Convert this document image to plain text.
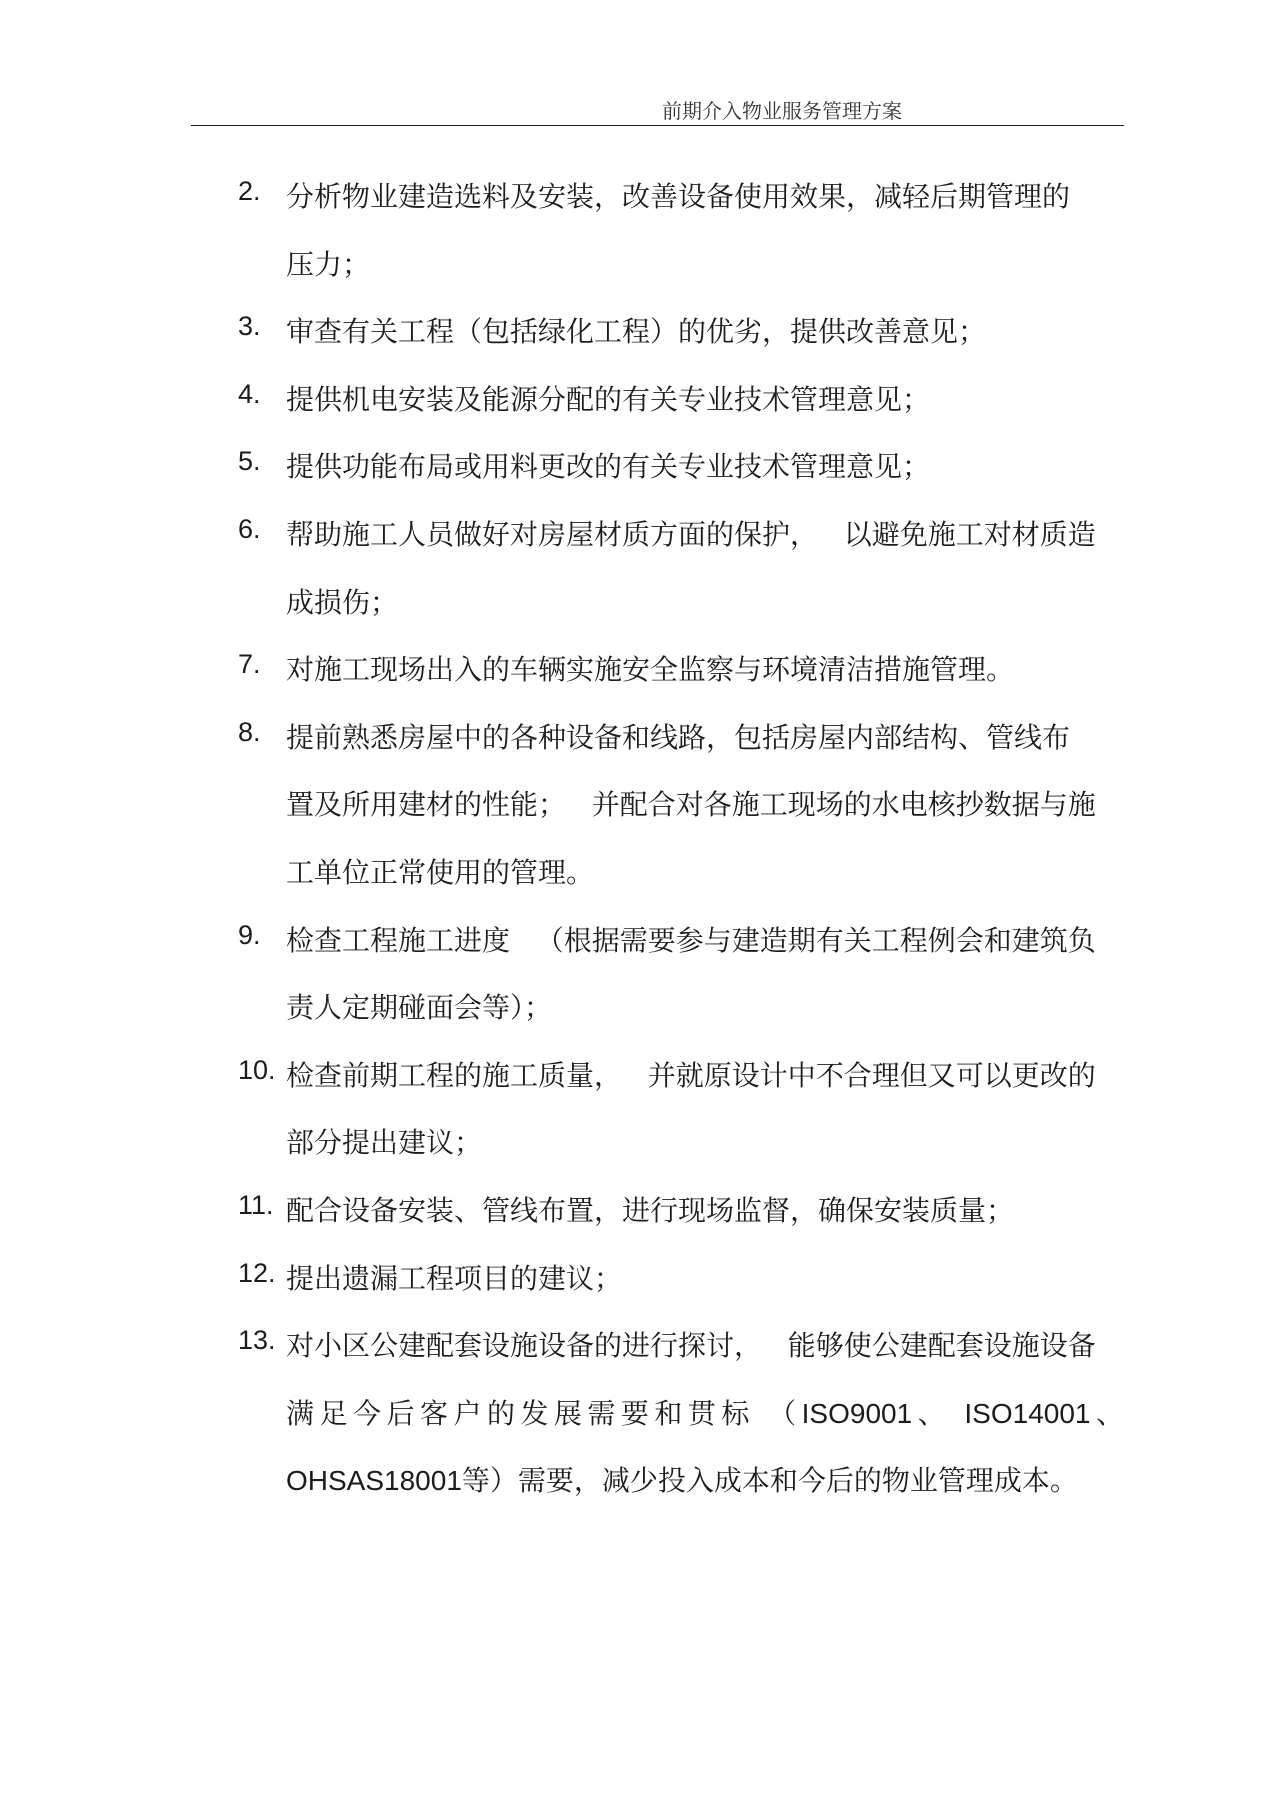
前期介入物业服务管理方案
2. 分析物业建造选料及安装，改善设备使用效果，减轻后期管理的
压力；
3. 审查有关工程（包括绿化工程）的优劣，提供改善意见；
4. 提供机电安装及能源分配的有关专业技术管理意见；
5. 提供功能布局或用料更改的有关专业技术管理意见；
6. 帮助施工人员做好对房屋材质方面的保护， 以避免施工对材质造
成损伤；
7. 对施工现场出入的车辆实施安全监察与环境清洁措施管理。
8. 提前熟悉房屋中的各种设备和线路，包括房屋内部结构、管线布
置及所用建材的性能； 并配合对各施工现场的水电核抄数据与施
工单位正常使用的管理。
9. 检查工程施工进度 （根据需要参与建造期有关工程例会和建筑负
责人定期碰面会等）；
10. 检查前期工程的施工质量， 并就原设计中不合理但又可以更改的
部分提出建议；
11. 配合设备安装、管线布置，进行现场监督，确保安装质量；
12. 提出遗漏工程项目的建议；
13. 对小区公建配套设施设备的进行探讨， 能够使公建配套设施设备
满足今后客户的发展需要和贯标 （ISO9001、 ISO14001、
OHSAS18001等）需要，减少投入成本和今后的物业管理成本。
